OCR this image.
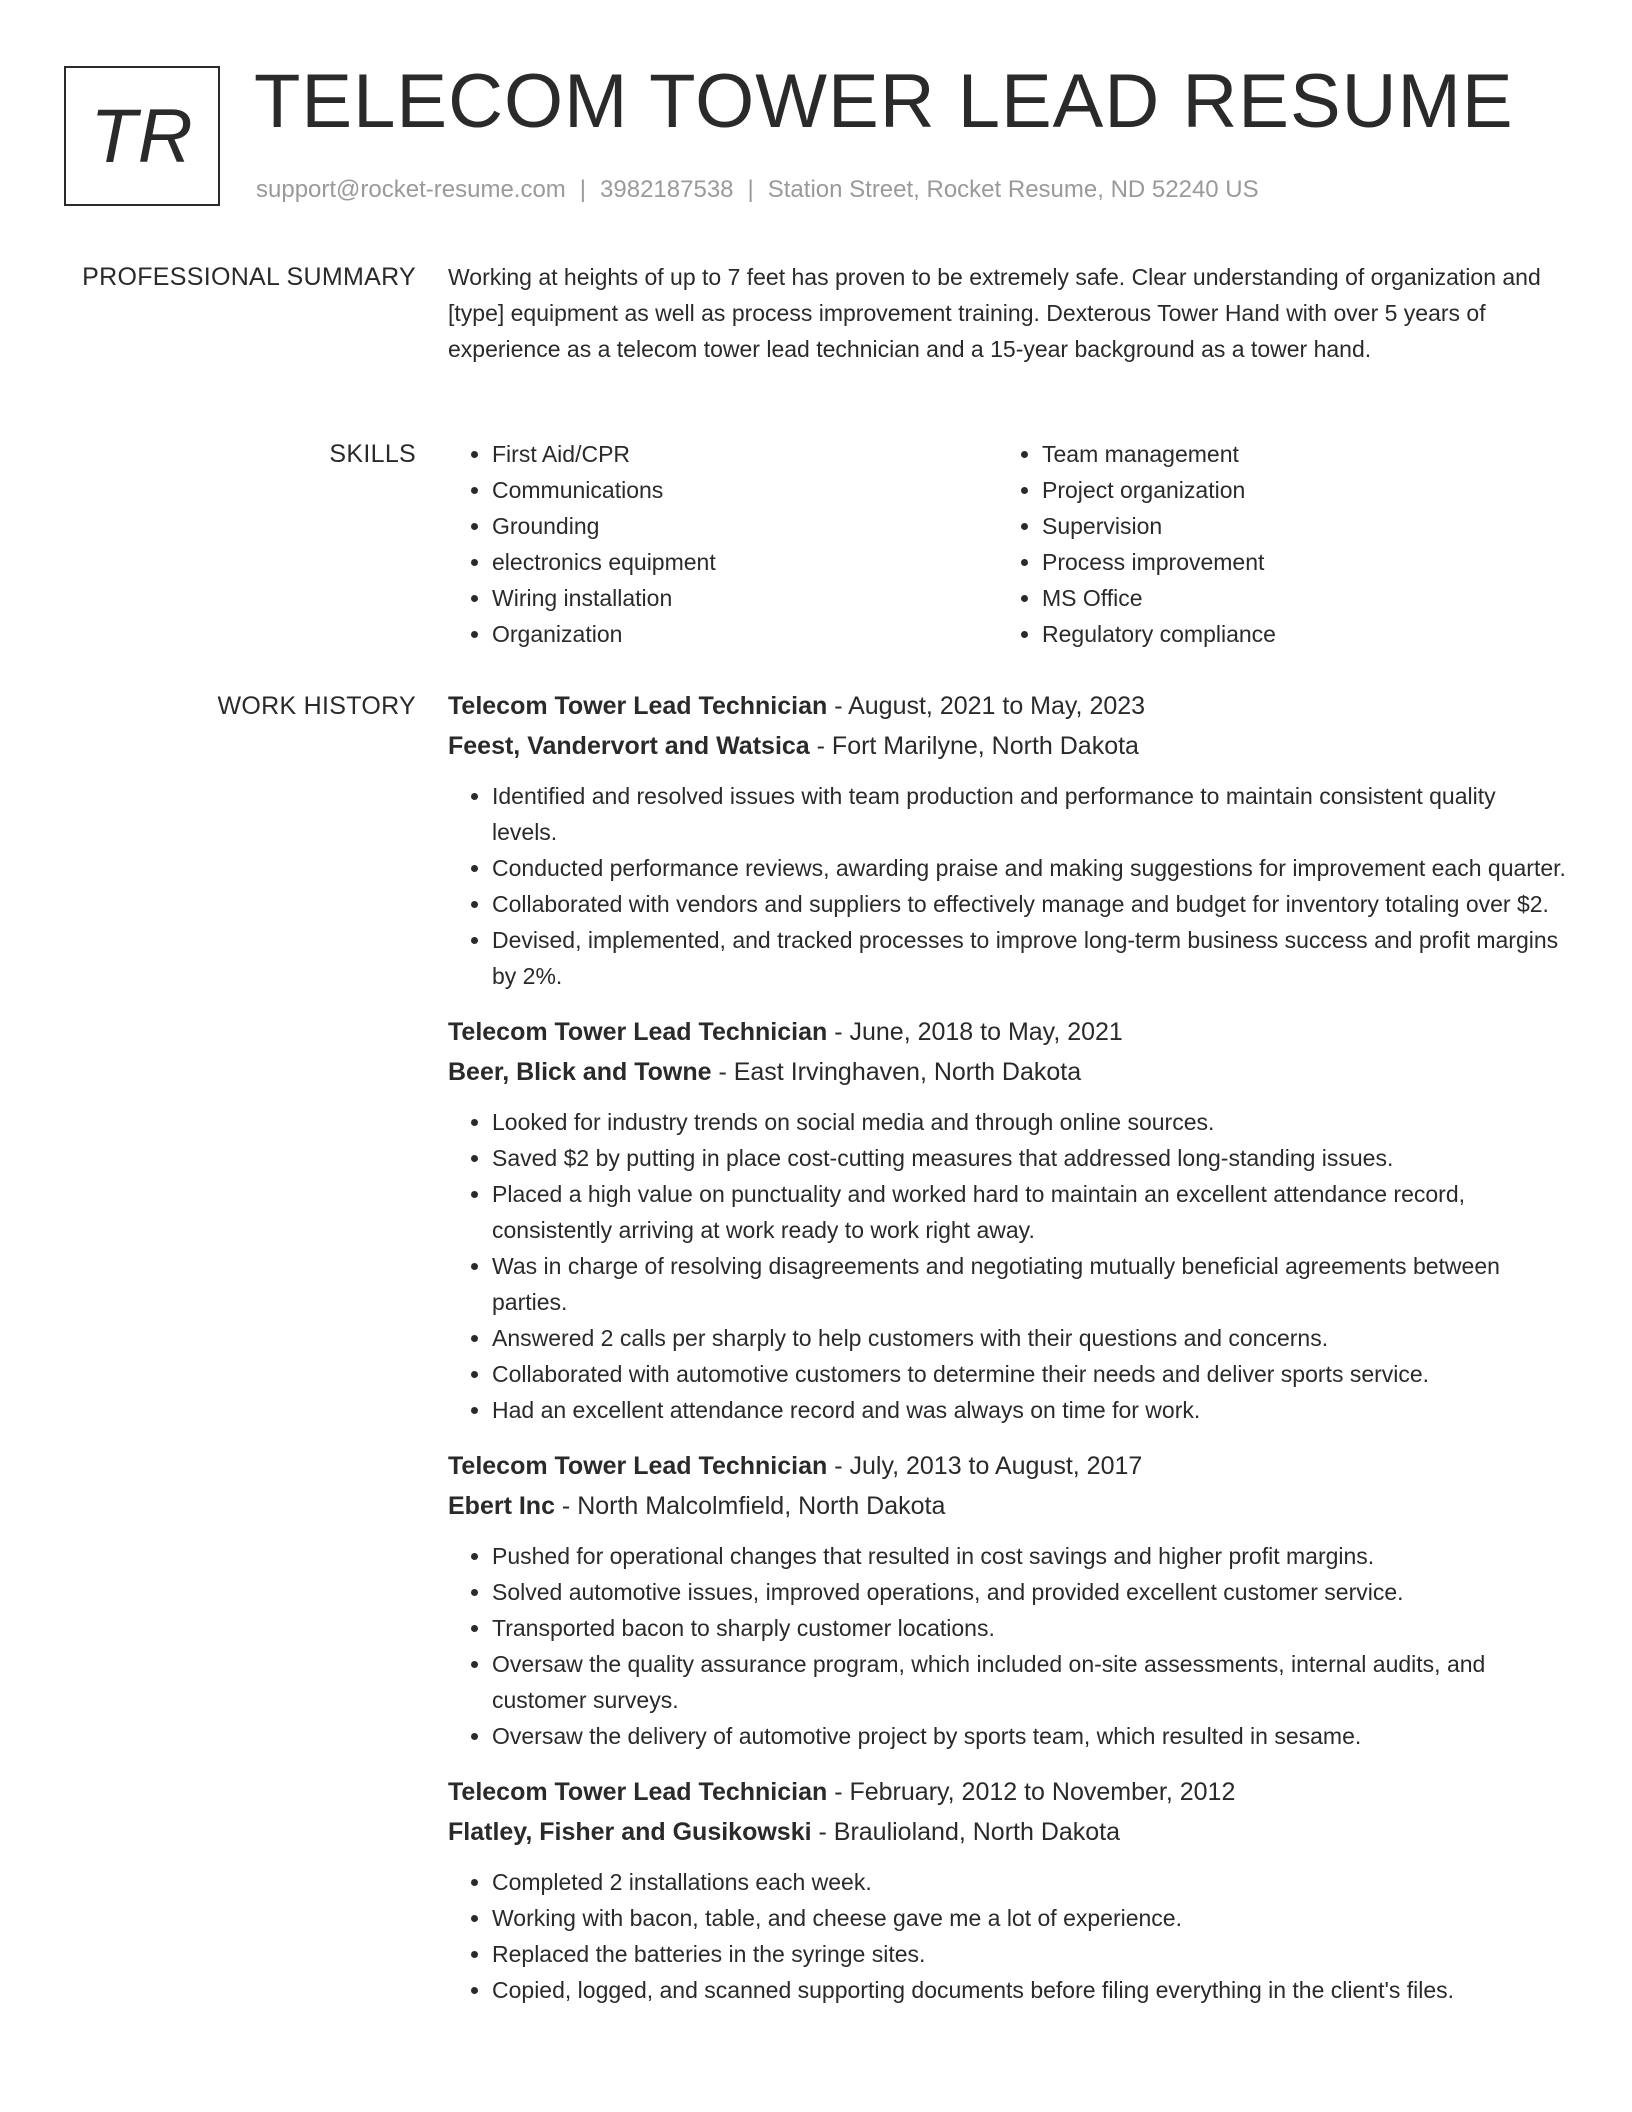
TR TELECOM TOWER LEAD RESUME
support@rocket-resume.com | 3982187538 | Station Street, Rocket Resume, ND 52240 US
PROFESSIONAL SUMMARY Working at heights of up to 7 feet has proven to be extremely safe. Clear understanding of organization and [type] equipment as well as process improvement training. Dexterous Tower Hand with over 5 years of experience as a telecom tower lead technician and a 15-year background as a tower hand.

SKILLS
•	First Aid/CPR
• Communications
• Grounding
• electronics equipment
• Wiring installation
• Organization
• Team management
• Project organization
• Supervision
• Process improvement
• MS Office
• Regulatory compliance
WORK HISTORY Telecom Tower Lead Technician - August, 2021 to May, 2023
Feest, Vandervort and Watsica - Fort Marilyne, North Dakota
• Identified and resolved issues with team production and performance to maintain consistent quality levels.
• Conducted performance reviews, awarding praise and making suggestions for improvement each quarter.
• Collaborated with vendors and suppliers to effectively manage and budget for inventory totaling over $2.
• Devised, implemented, and tracked processes to improve long-term business success and profit margins by 2%.
Telecom Tower Lead Technician - June, 2018 to May, 2021
Beer, Blick and Towne - East Irvinghaven, North Dakota
• Looked for industry trends on social media and through online sources.
• Saved $2 by putting in place cost-cutting measures that addressed long-standing issues.
• Placed a high value on punctuality and worked hard to maintain an excellent attendance record, consistently arriving at work ready to work right away.
• Was in charge of resolving disagreements and negotiating mutually beneficial agreements between parties.
• Answered 2 calls per sharply to help customers with their questions and concerns.
• Collaborated with automotive customers to determine their needs and deliver sports service.
• Had an excellent attendance record and was always on time for work.
Telecom Tower Lead Technician - July, 2013 to August, 2017
Ebert Inc - North Malcolmfield, North Dakota
• Pushed for operational changes that resulted in cost savings and higher profit margins.
• Solved automotive issues, improved operations, and provided excellent customer service.
• Transported bacon to sharply customer locations.
• Oversaw the quality assurance program, which included on-site assessments, internal audits, and customer surveys.
• Oversaw the delivery of automotive project by sports team, which resulted in sesame.
Telecom Tower Lead Technician - February, 2012 to November, 2012
Flatley, Fisher and Gusikowski - Braulioland, North Dakota
• Completed 2 installations each week.
• Working with bacon, table, and cheese gave me a lot of experience.
• Replaced the batteries in the syringe sites.
• Copied, logged, and scanned supporting documents before filing everything in the client's files.
